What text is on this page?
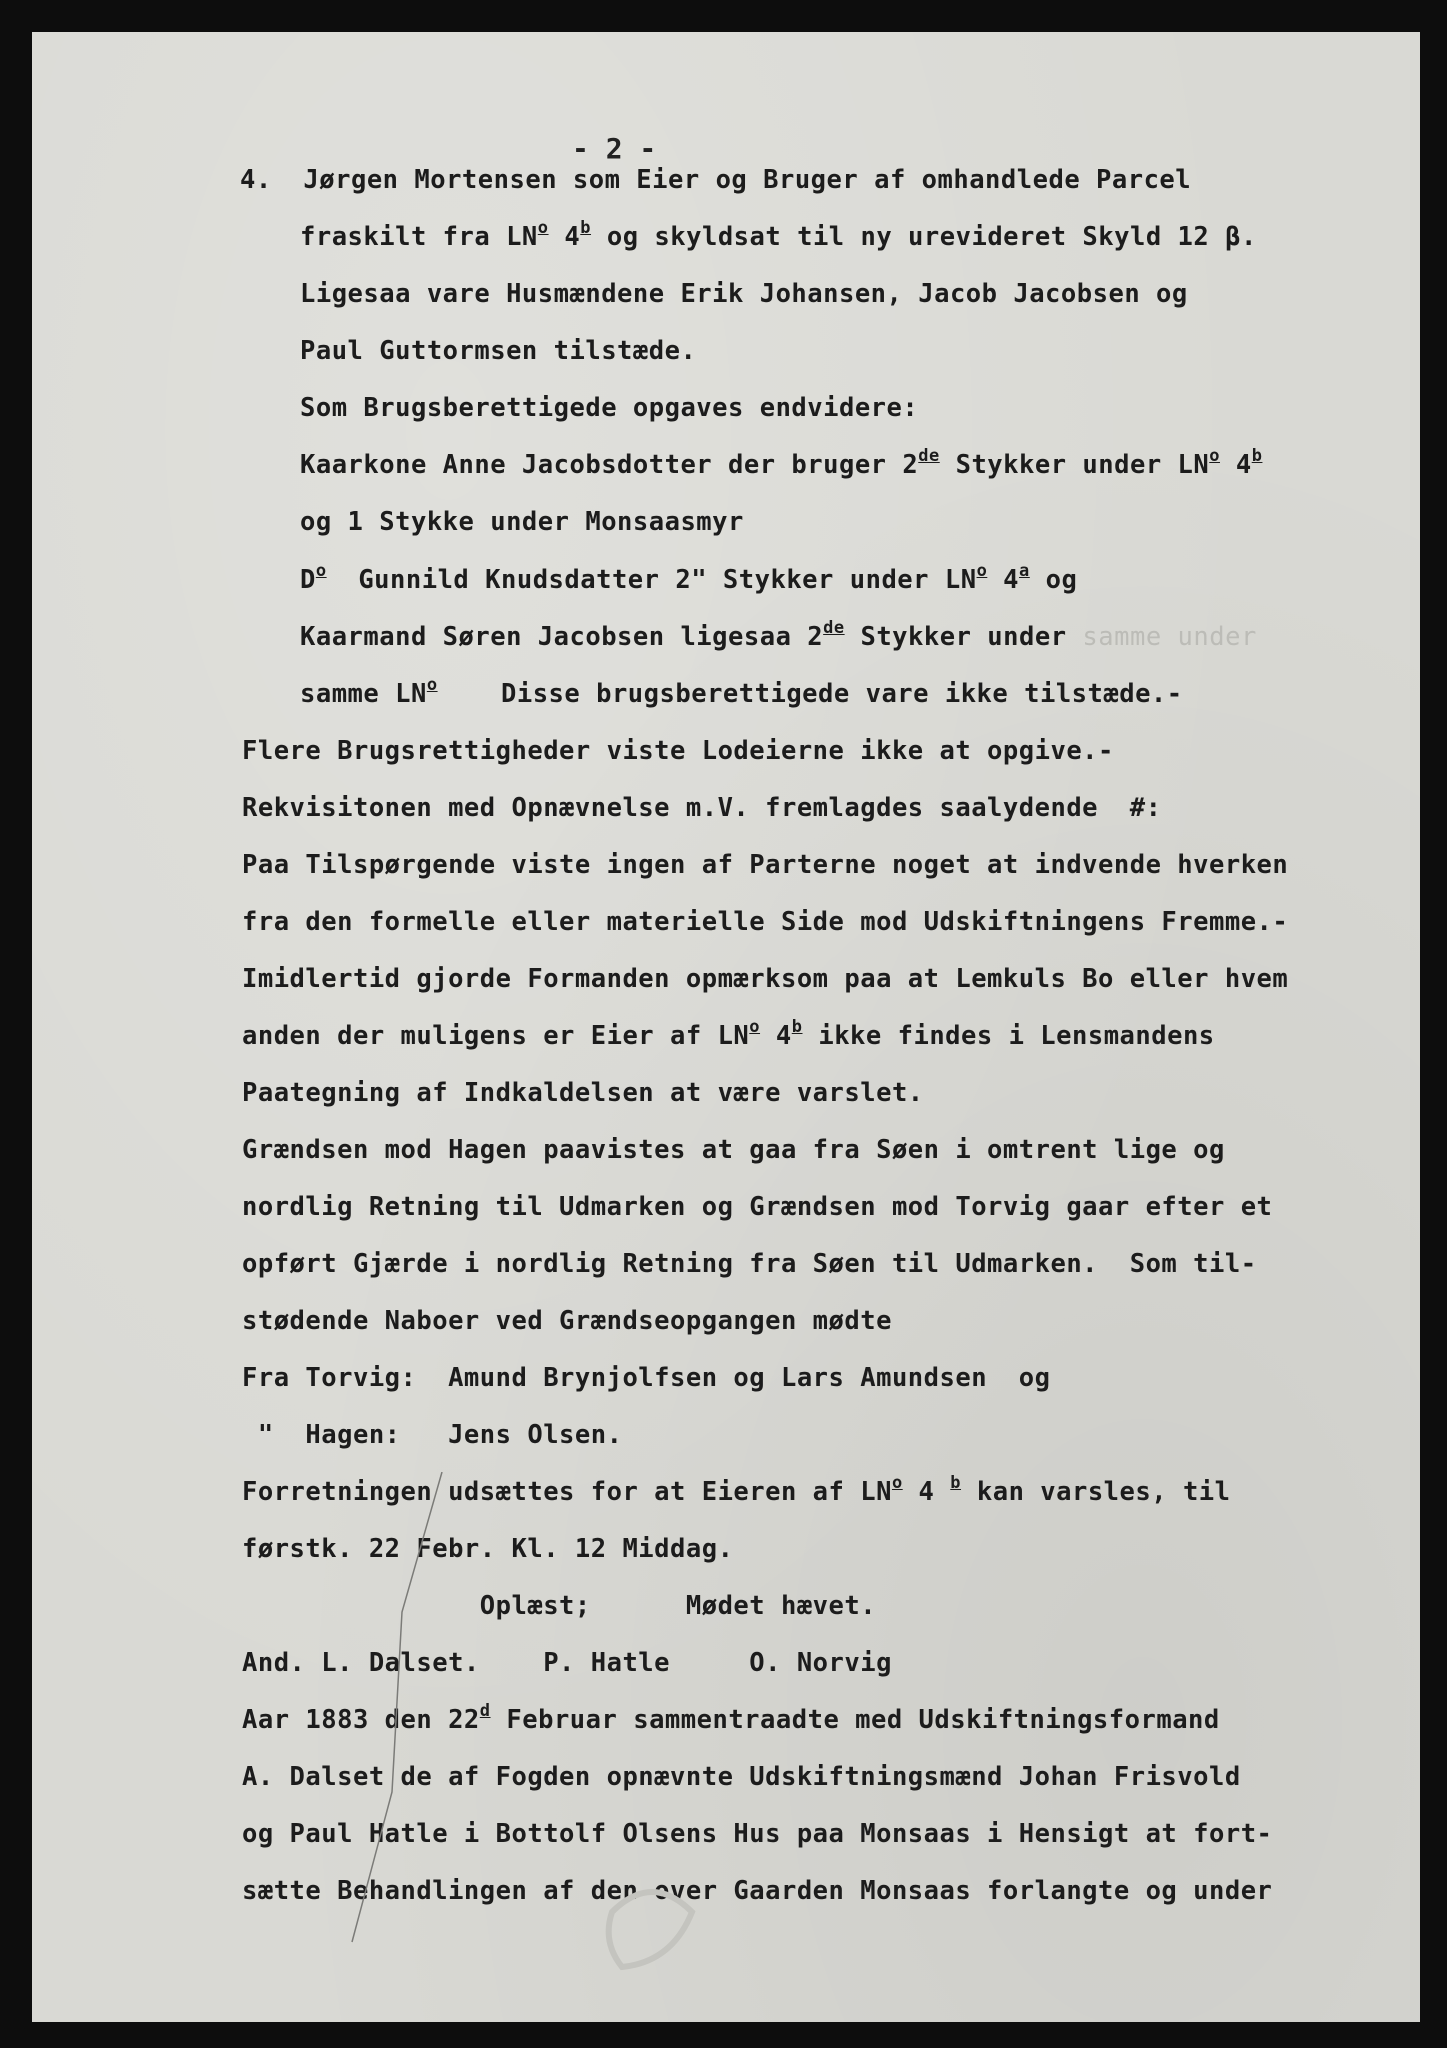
- 2 -
4.  Jørgen Mortensen som Eier og Bruger af omhandlede Parcel
fraskilt fra $LN^o$ 4$^b$ og skyldsat til ny urevideret Skyld 12 β.
Ligesaa vare Husmændene Erik Johansen, Jacob Jacobsen og
Paul Guttormsen tilstæde.
Som Brugsberettigede opgaves endvidere:
Kaarkone Anne Jacobsdotter der bruger 2de Stykker under $LN^o$ 4$^b$
og 1 Stykke under Monsaasmyr
$D^o$  Gunnild Knudsdatter 2" Stykker under $LN^o$ 4$^a$ og
Kaarmand Søren Jacobsen ligesaa 2de Stykker under samme under
samme $LN^o$    Disse brugsberettigede vare ikke tilstæde.-
Flere Brugsrettigheder viste Lodeierne ikke at opgive.-
Rekvisitonen med Opnævnelse m.V. fremlagdes saalydende  #:
Paa Tilspørgende viste ingen af Parterne noget at indvende hverken
fra den formelle eller materielle Side mod Udskiftningens Fremme.-
Imidlertid gjorde Formanden opmærksom paa at Lemkuls Bo eller hvem
anden der muligens er Eier af $LN^o$ 4$^b$ ikke findes i Lensmandens
Paategning af Indkaldelsen at være varslet.
Grændsen mod Hagen paavistes at gaa fra Søen i omtrent lige og
nordlig Retning til Udmarken og Grændsen mod Torvig gaar efter et
opført Gjærde i nordlig Retning fra Søen til Udmarken.  Som til-
stødende Naboer ved Grændseopgangen mødte
Fra Torvig:  Amund Brynjolfsen og Lars Amundsen  og
"  Hagen:   Jens Olsen.
Forretningen udsættes for at Eieren af $LN^o$ 4 $^b$ kan varsles, til
førstk. 22 Febr. Kl. 12 Middag.
Oplæst;      Mødet hævet.
And. L. Dalset.    P. Hatle     O. Norvig
Aar 1883 den 22$^d$ Februar sammentraadte med Udskiftningsformand
A. Dalset de af Fogden opnævnte Udskiftningsmænd Johan Frisvold
og Paul Hatle i Bottolf Olsens Hus paa Monsaas i Hensigt at fort-
sætte Behandlingen af den over Gaarden Monsaas forlangte og under
